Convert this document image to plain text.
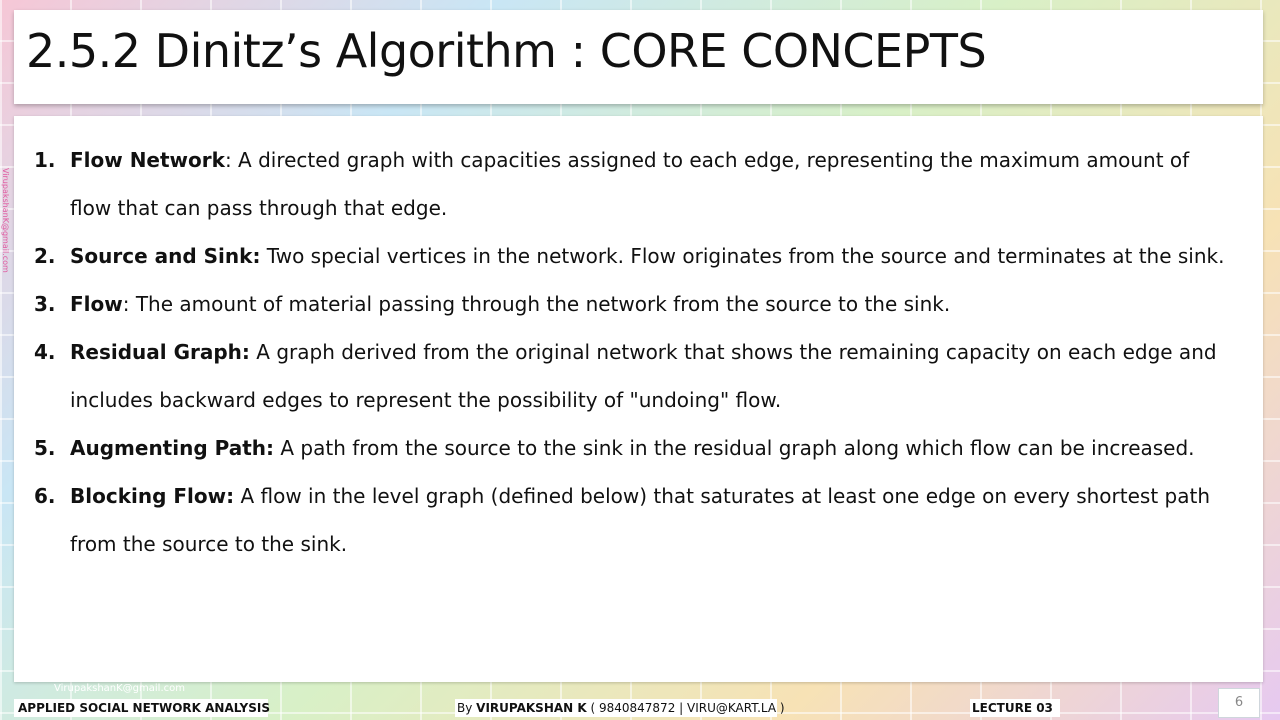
2.5.2 Dinitz’s Algorithm : CORE CONCEPTS
1. Flow Network: A directed graph with capacities assigned to each edge, representing the maximum amount of flow that can pass through that edge.
2. Source and Sink: Two special vertices in the network. Flow originates from the source and terminates at the sink.
3. Flow: The amount of material passing through the network from the source to the sink.
4. Residual Graph: A graph derived from the original network that shows the remaining capacity on each edge and includes backward edges to represent the possibility of "undoing" flow.
5. Augmenting Path: A path from the source to the sink in the residual graph along which flow can be increased.
6. Blocking Flow: A flow in the level graph (defined below) that saturates at least one edge on every shortest path from the source to the sink.
VirupakshanK@gmail.com
VirupakshanK@gmail.com
APPLIED SOCIAL NETWORK ANALYSIS	By VIRUPAKSHAN K ( 9840847872 | VIRU@KART.LA )	LECTURE 03	6
